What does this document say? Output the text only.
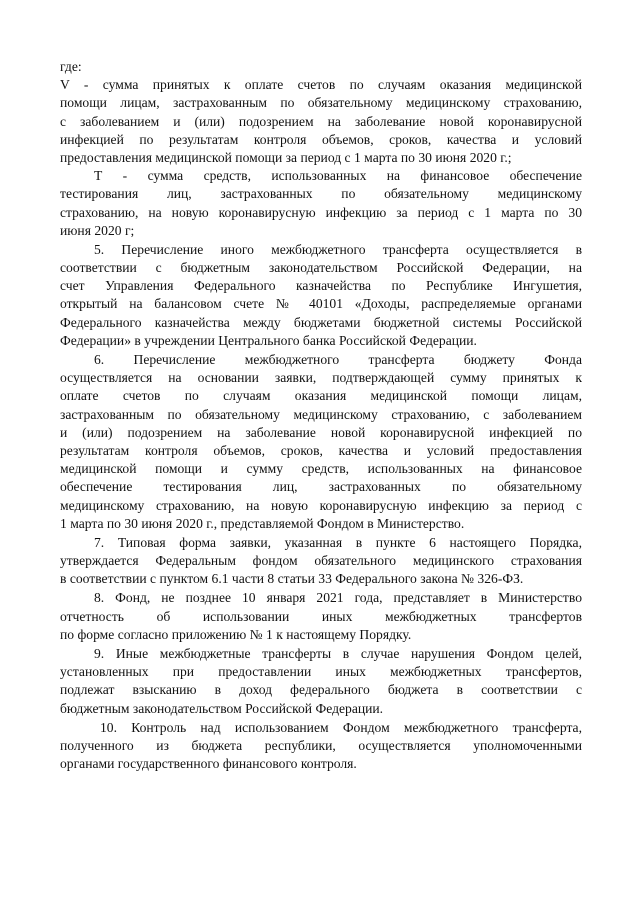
где:
V - сумма принятых к оплате счетов по случаям оказания медицинской
помощи лицам, застрахованным по обязательному медицинскому страхованию,
с заболеванием и (или) подозрением на заболевание новой коронавирусной
инфекцией по результатам контроля объемов, сроков, качества и условий
предоставления медицинской помощи за период с 1 марта по 30 июня 2020 г.;
Т - сумма средств, использованных на финансовое обеспечение
тестирования лиц, застрахованных по обязательному медицинскому
страхованию, на новую коронавирусную инфекцию за период с 1 марта по 30
июня 2020 г;
5. Перечисление иного межбюджетного трансферта осуществляется в
соответствии с бюджетным законодательством Российской Федерации, на
счет Управления Федерального казначейства по Республике Ингушетия,
открытый на балансовом счете № 40101 «Доходы, распределяемые органами
Федерального казначейства между бюджетами бюджетной системы Российской
Федерации» в учреждении Центрального банка Российской Федерации.
6. Перечисление межбюджетного трансферта бюджету Фонда
осуществляется на основании заявки, подтверждающей сумму принятых к
оплате счетов по случаям оказания медицинской помощи лицам,
застрахованным по обязательному медицинскому страхованию, с заболеванием
и (или) подозрением на заболевание новой коронавирусной инфекцией по
результатам контроля объемов, сроков, качества и условий предоставления
медицинской помощи и сумму средств, использованных на финансовое
обеспечение тестирования лиц, застрахованных по обязательному
медицинскому страхованию, на новую коронавирусную инфекцию за период с
1 марта по 30 июня 2020 г., представляемой Фондом в Министерство.
7. Типовая форма заявки, указанная в пункте 6 настоящего Порядка,
утверждается Федеральным фондом обязательного медицинского страхования
в соответствии с пунктом 6.1 части 8 статьи 33 Федерального закона № 326-ФЗ.
8. Фонд, не позднее 10 января 2021 года, представляет в Министерство
отчетность об использовании иных межбюджетных трансфертов
по форме согласно приложению № 1 к настоящему Порядку.
9. Иные межбюджетные трансферты в случае нарушения Фондом целей,
установленных при предоставлении иных межбюджетных трансфертов,
подлежат взысканию в доход федерального бюджета в соответствии с
бюджетным законодательством Российской Федерации.
10. Контроль над использованием Фондом межбюджетного трансферта,
полученного из бюджета республики, осуществляется уполномоченными
органами государственного финансового контроля.
